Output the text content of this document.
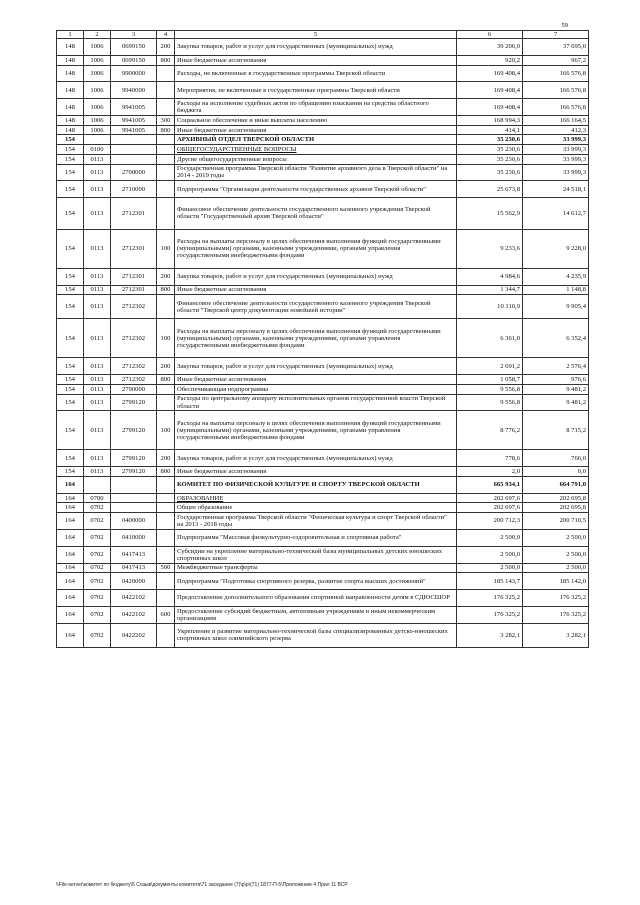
59
1	2	3	4	5	6	7
148	1006	0699150	200	Закупка товаров, работ и услуг для государственных (муниципальных) нужд	39 206,0	37 695,0
148	1006	0699150	800	Иные бюджетные ассигнования	920,2	967,2
148	1006	9900000		Расходы, не включенные в государственные программы Тверской области	169 408,4	166 576,8
148	1006	9940000		Мероприятия, не включенные в государственные программы Тверской области	169 408,4	166 576,8
148	1006	9941005		Расходы на исполнение судебных актов по обращению взыскания на средства областного бюджета	169 408,4	166 576,8
148	1006	9941005	300	Социальное обеспечение и иные выплаты населению	168 994,3	166 164,5
148	1006	9941005	800	Иные бюджетные ассигнования	414,1	412,3
154				АРХИВНЫЙ ОТДЕЛ ТВЕРСКОЙ ОБЛАСТИ	35 230,6	33 999,3
154	0100			ОБЩЕГОСУДАРСТВЕННЫЕ ВОПРОСЫ	35 230,6	33 999,3
154	0113			Другие общегосударственные вопросы	35 230,6	33 999,3
154	0113	2700000		Государственная программа Тверской области "Развитие архивного дела в Тверской области" на 2014 - 2019 годы	35 230,6	33 999,3
154	0113	2710000		Подпрограмма "Организация деятельности государственных архивов Тверской области"	25 673,8	24 518,1
154	0113	2712301		Финансовое обеспечение деятельности государственного казенного учреждения Тверской области "Государственный архив Тверской области"	15 562,9	14 612,7
154	0113	2712301	100	Расходы на выплаты персоналу в целях обеспечения выполнения функций государственными (муниципальными) органами, казенными учреждениями, органами управления государственными внебюджетными фондами	9 233,6	9 228,0
154	0113	2712301	200	Закупка товаров, работ и услуг для государственных (муниципальных) нужд	4 984,6	4 235,9
154	0113	2712301	800	Иные бюджетные ассигнования	1 344,7	1 148,8
154	0113	2712302		Финансовое обеспечение деятельности государственного казенного учреждения Тверской области "Тверской центр документации новейшей истории"	10 110,9	9 905,4
154	0113	2712302	100	Расходы на выплаты персоналу в целях обеспечения выполнения функций государственными (муниципальными) органами, казенными учреждениями, органами управления государственными внебюджетными фондами	6 361,0	6 352,4
154	0113	2712302	200	Закупка товаров, работ и услуг для государственных (муниципальных) нужд	2 691,2	2 576,4
154	0113	2712302	800	Иные бюджетные ассигнования	1 058,7	976,6
154	0113	2790000		Обеспечивающая подпрограмма	9 556,8	9 481,2
154	0113	2799120		Расходы по центральному аппарату исполнительных органов государственной власти Тверской области	9 556,8	9 481,2
154	0113	2799120	100	Расходы на выплаты персоналу в целях обеспечения выполнения функций государственными (муниципальными) органами, казенными учреждениями, органами управления государственными внебюджетными фондами	8 776,2	8 715,2
154	0113	2799120	200	Закупка товаров, работ и услуг для государственных (муниципальных) нужд	778,6	766,0
154	0113	2799120	800	Иные бюджетные ассигнования	2,0	0,0
164				КОМИТЕТ ПО ФИЗИЧЕСКОЙ КУЛЬТУРЕ И СПОРТУ ТВЕРСКОЙ ОБЛАСТИ	665 934,1	664 791,0
164	0700			ОБРАЗОВАНИЕ	202 697,6	202 695,8
164	0702			Общее образование	202 697,6	202 695,8
164	0702	0400000		Государственная программа Тверской области "Физическая культура и спорт Тверской области" на 2013 - 2018 годы	200 712,3	200 710,5
164	0702	0410000		Подпрограмма "Массовая физкультурно-оздоровительная и спортивная работа"	2 500,0	2 500,0
164	0702	0417413		Субсидии на укрепление материально-технической базы муниципальных детских юношеских спортивных школ	2 500,0	2 500,0
164	0702	0417413	500	Межбюджетные трансферты	2 500,0	2 500,0
164	0702	0420000		Подпрограмма "Подготовка спортивного резерва, развитие спорта высших достижений"	185 143,7	185 142,0
164	0702	0422102		Предоставление дополнительного образования спортивной направленности детям в СДЮСШОР	176 325,2	176 325,2
164	0702	0422102	600	Предоставление субсидий бюджетным, автономным учреждениям и иным некоммерческим организациям	176 325,2	176 325,2
164	0702	0422202		Укрепление и развитие материально-технической базы специализированных детско-юношеских спортивных школ олимпийского резерва	3 282,1	3 282,1
\\File-server\комитет по бюджету\5 Созыв\документы комитета\71 заседание (7)\p\p\(71) 1877-П-5\Приложение 4 Прил 11 ВСР
